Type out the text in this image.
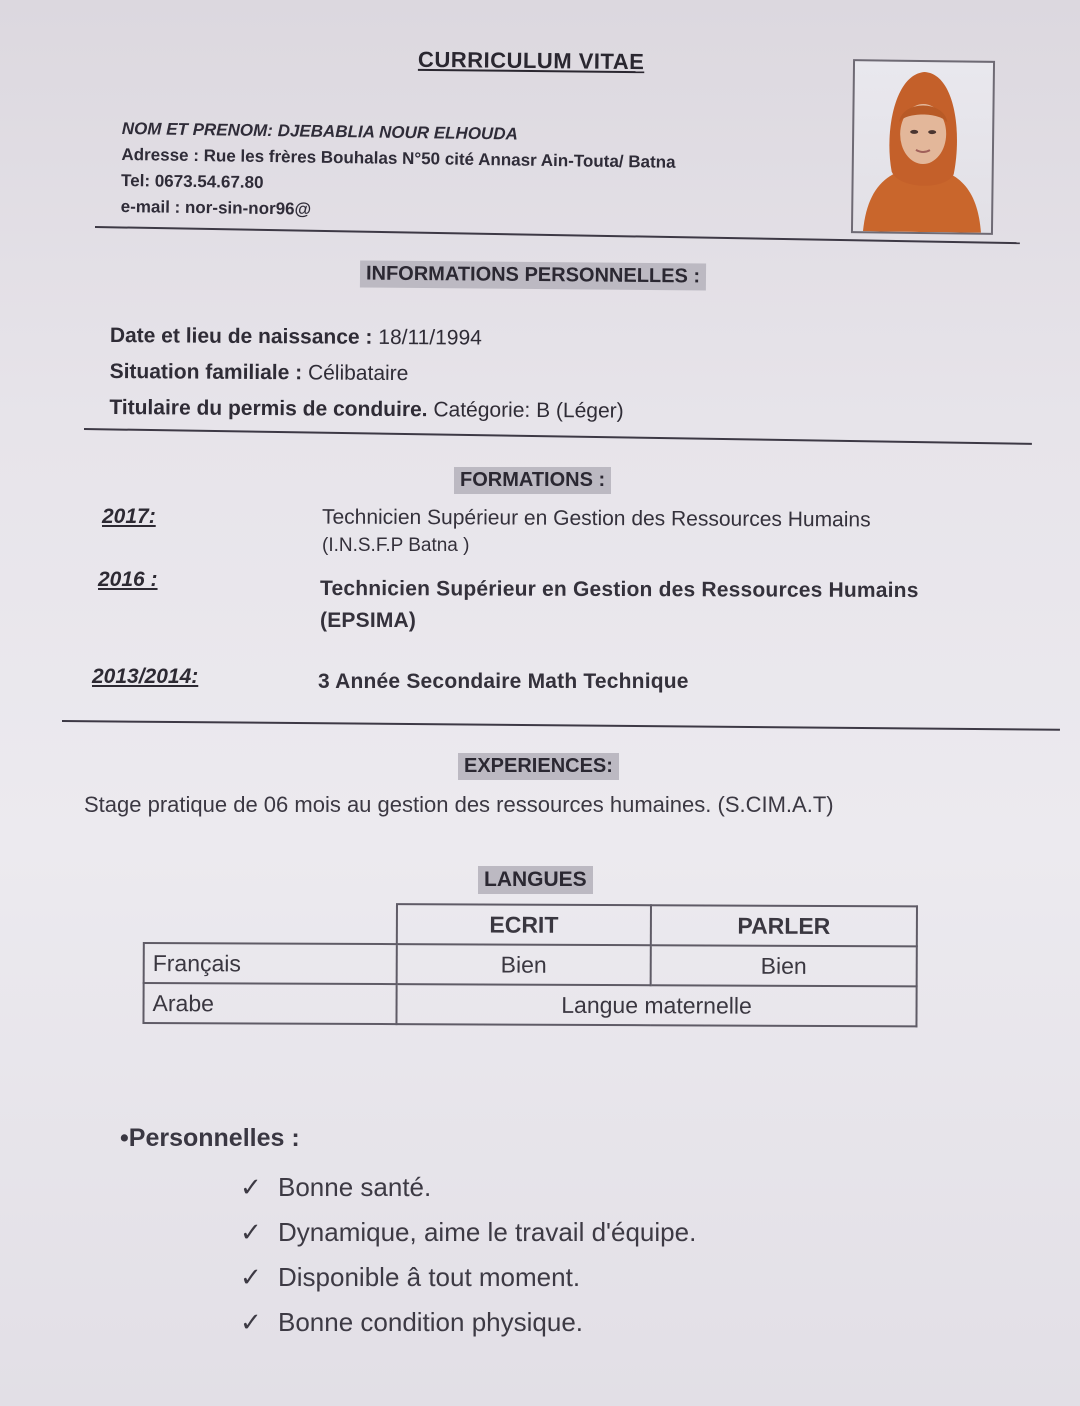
CURRICULUM VITAE
NOM ET PRENOM: DJEBABLIA NOUR ELHOUDA
Adresse : Rue les frères Bouhalas N°50 cité Annasr Ain-Touta/ Batna
Tel: 0673.54.67.80
e-mail : nor-sin-nor96@
INFORMATIONS PERSONNELLES :
Date et lieu de naissance : 18/11/1994
Situation familiale : Célibataire
Titulaire du permis de conduire. Catégorie: B (Léger)
FORMATIONS :
2017:	Technicien Supérieur en Gestion des Ressources Humains
(I.N.S.F.P Batna )
2016 :	Technicien Supérieur en Gestion des Ressources Humains
(EPSIMA)
2013/2014:	3 Année Secondaire Math Technique
EXPERIENCES:
Stage pratique de 06 mois au gestion des ressources humaines. (S.CIM.A.T)
LANGUES
	ECRIT	PARLER
Français	Bien	Bien
Arabe	Langue maternelle	
•Personnelles :
✓ Bonne santé.
✓ Dynamique, aime le travail d'équipe.
✓ Disponible â tout moment.
✓ Bonne condition physique.
